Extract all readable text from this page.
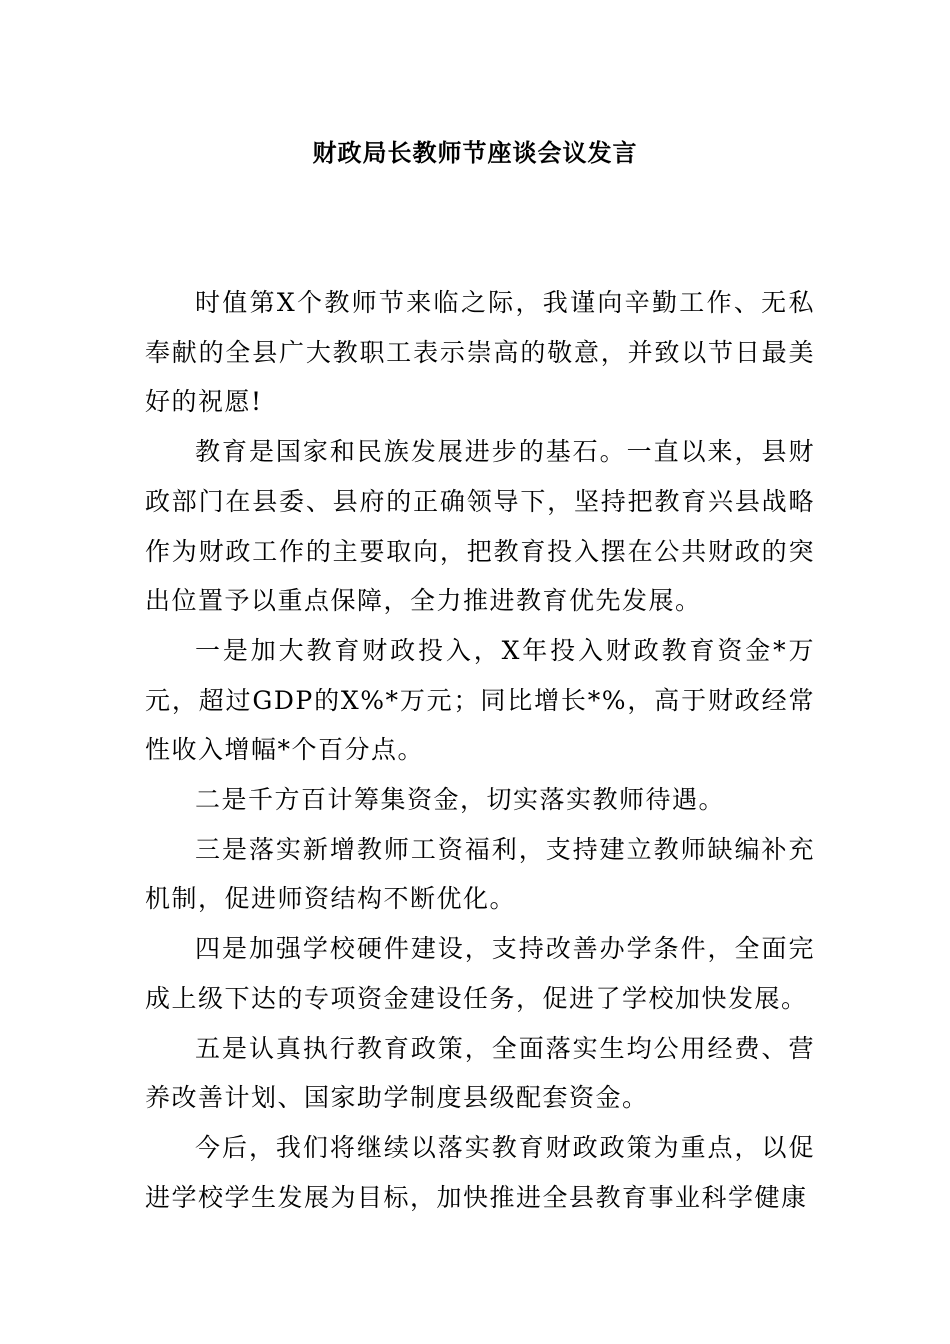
财政局长教师节座谈会议发言

时值第X个教师节来临之际，我谨向辛勤工作、无私奉献的全县广大教职工表示崇高的敬意，并致以节日最美好的祝愿!

教育是国家和民族发展进步的基石。一直以来，县财政部门在县委、县府的正确领导下，坚持把教育兴县战略作为财政工作的主要取向，把教育投入摆在公共财政的突出位置予以重点保障，全力推进教育优先发展。

一是加大教育财政投入，X年投入财政教育资金*万元，超过GDP的X%*万元；同比增长*%，高于财政经常性收入增幅*个百分点。

二是千方百计筹集资金，切实落实教师待遇。

三是落实新增教师工资福利，支持建立教师缺编补充机制，促进师资结构不断优化。

四是加强学校硬件建设，支持改善办学条件，全面完成上级下达的专项资金建设任务，促进了学校加快发展。

五是认真执行教育政策，全面落实生均公用经费、营养改善计划、国家助学制度县级配套资金。

今后，我们将继续以落实教育财政政策为重点，以促进学校学生发展为目标，加快推进全县教育事业科学健康
